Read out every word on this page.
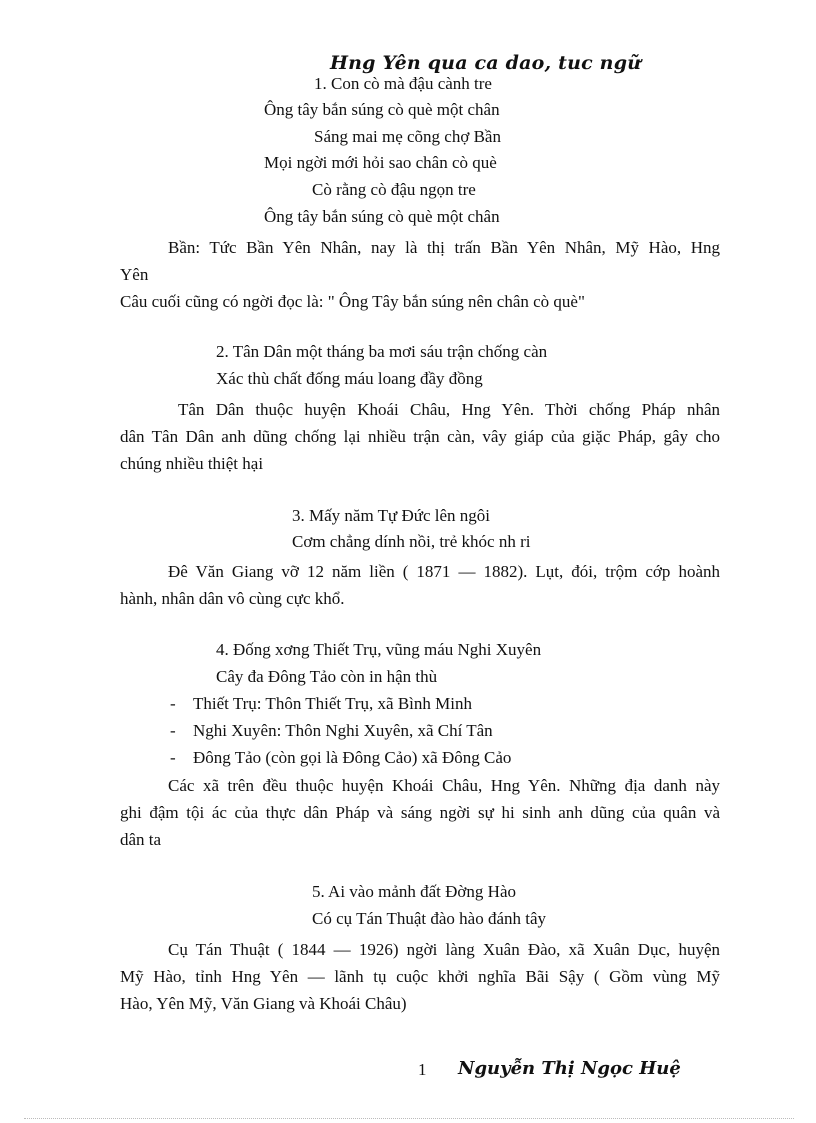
Hng Yên qua ca dao, tuc ngữ
1. Con cò mà đậu cành tre
Ông tây bắn súng cò què một chân
Sáng mai mẹ cõng chợ Bần
Mọi ngời mới hỏi sao chân cò què
Cò rằng cò đậu ngọn tre
Ông tây bắn súng cò què một chân
Bần: Tức Bần Yên Nhân, nay là thị trấn Bần Yên Nhân, Mỹ Hào, Hng
Yên
Câu cuối cũng có ngời đọc là: " Ông Tây bắn súng nên chân cò què"
2. Tân Dân một tháng ba mơi sáu trận chống càn
Xác thù chất đống máu loang đầy đồng
Tân Dân thuộc huyện Khoái Châu, Hng Yên. Thời chống Pháp nhân
dân Tân Dân anh dũng chống lại nhiều trận càn, vây giáp của giặc Pháp, gây cho
chúng nhiều thiệt hại
3. Mấy năm Tự Đức lên ngôi
Cơm chẳng dính nồi, trẻ khóc nh ri
Đê Văn Giang vỡ 12 năm liền ( 1871 — 1882). Lụt, đói, trộm cớp hoành
hành, nhân dân vô cùng cực khổ.
4. Đống xơng Thiết Trụ, vũng máu Nghi Xuyên
Cây đa Đông Tảo còn in hận thù
- Thiết Trụ: Thôn Thiết Trụ, xã Bình Minh
- Nghi Xuyên: Thôn Nghi Xuyên, xã Chí Tân
- Đông Tảo (còn gọi là Đông Cảo) xã Đông Cảo
Các xã trên đều thuộc huyện Khoái Châu, Hng Yên. Những địa danh này
ghi đậm tội ác của thực dân Pháp và sáng ngời sự hi sinh anh dũng của quân và
dân ta
5. Ai vào mảnh đất Đờng Hào
Có cụ Tán Thuật đào hào đánh tây
Cụ Tán Thuật ( 1844 — 1926) ngời làng Xuân Đào, xã Xuân Dục, huyện
Mỹ Hào, tỉnh Hng Yên — lãnh tụ cuộc khởi nghĩa Bãi Sậy ( Gồm vùng Mỹ
Hào, Yên Mỹ, Văn Giang và Khoái Châu)
1 Nguyễn Thị Ngọc Huệ
